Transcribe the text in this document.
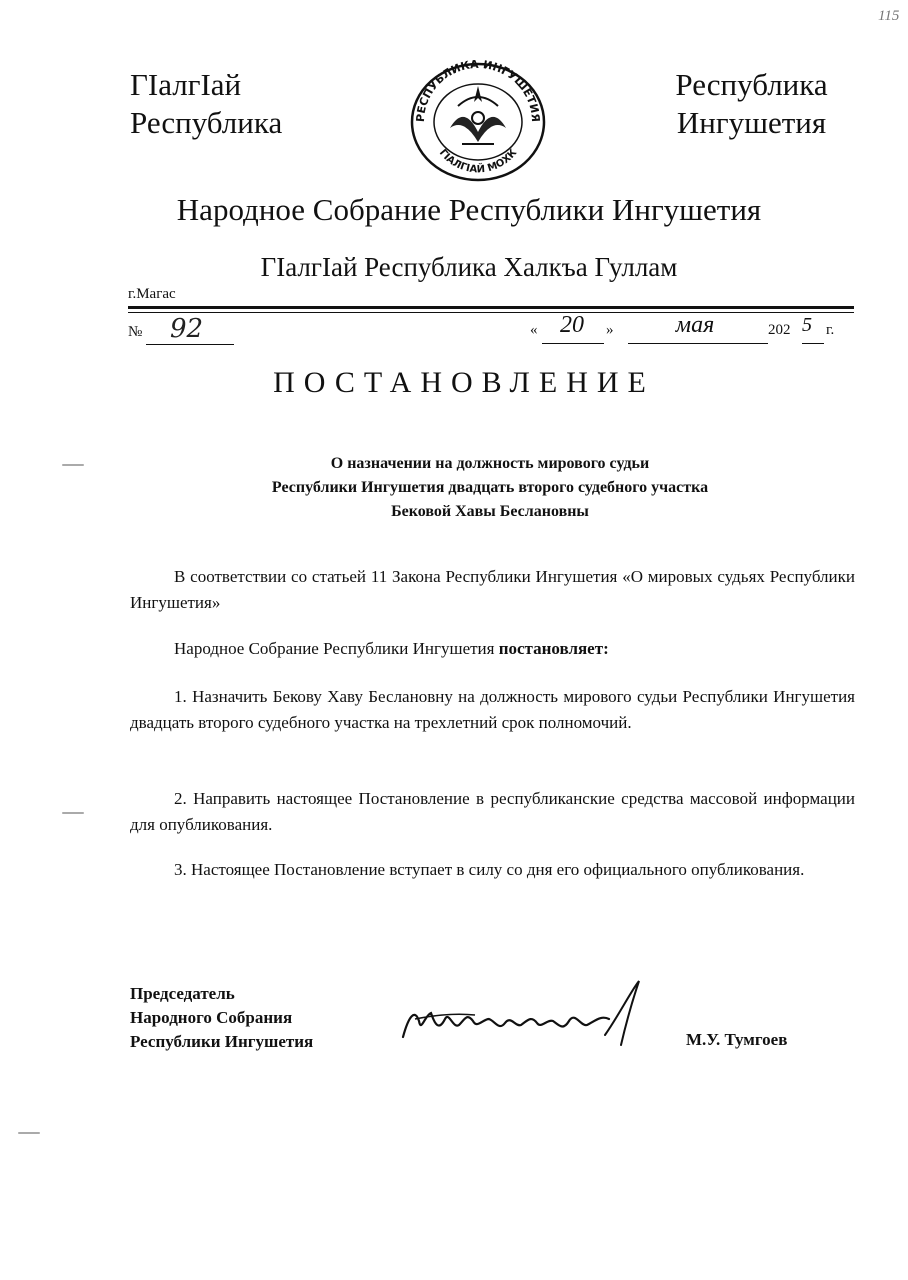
115
ГІалгІай
Республика	РЕСПУБЛИКА ИНГУШЕТИЯ
ГІАЛГІАЙ МОХК
Республика
Ингушетия
Народное Собрание Республики Ингушетия
ГІалгІай Республика Халкъа Гуллам
г.Магас
№ 92	« 20	»	мая	202 5 г.
ПОСТАНОВЛЕНИЕ
О назначении на должность мирового судьи
Республики Ингушетия двадцать второго судебного участка
Бековой Хавы Беслановны
В соответствии со статьей 11 Закона Республики Ингушетия «О мировых судьях Республики Ингушетия»
Народное Собрание Республики Ингушетия постановляет:
1. Назначить Бекову Хаву Беслановну на должность мирового судьи Республики Ингушетия двадцать второго судебного участка на трехлетний срок полномочий.
2. Направить настоящее Постановление в республиканские средства массовой информации для опубликования.
3. Настоящее Постановление вступает в силу со дня его официального опубликования.
Председатель
Народного Собрания
Республики Ингушетия	М.У. Тумгоев
